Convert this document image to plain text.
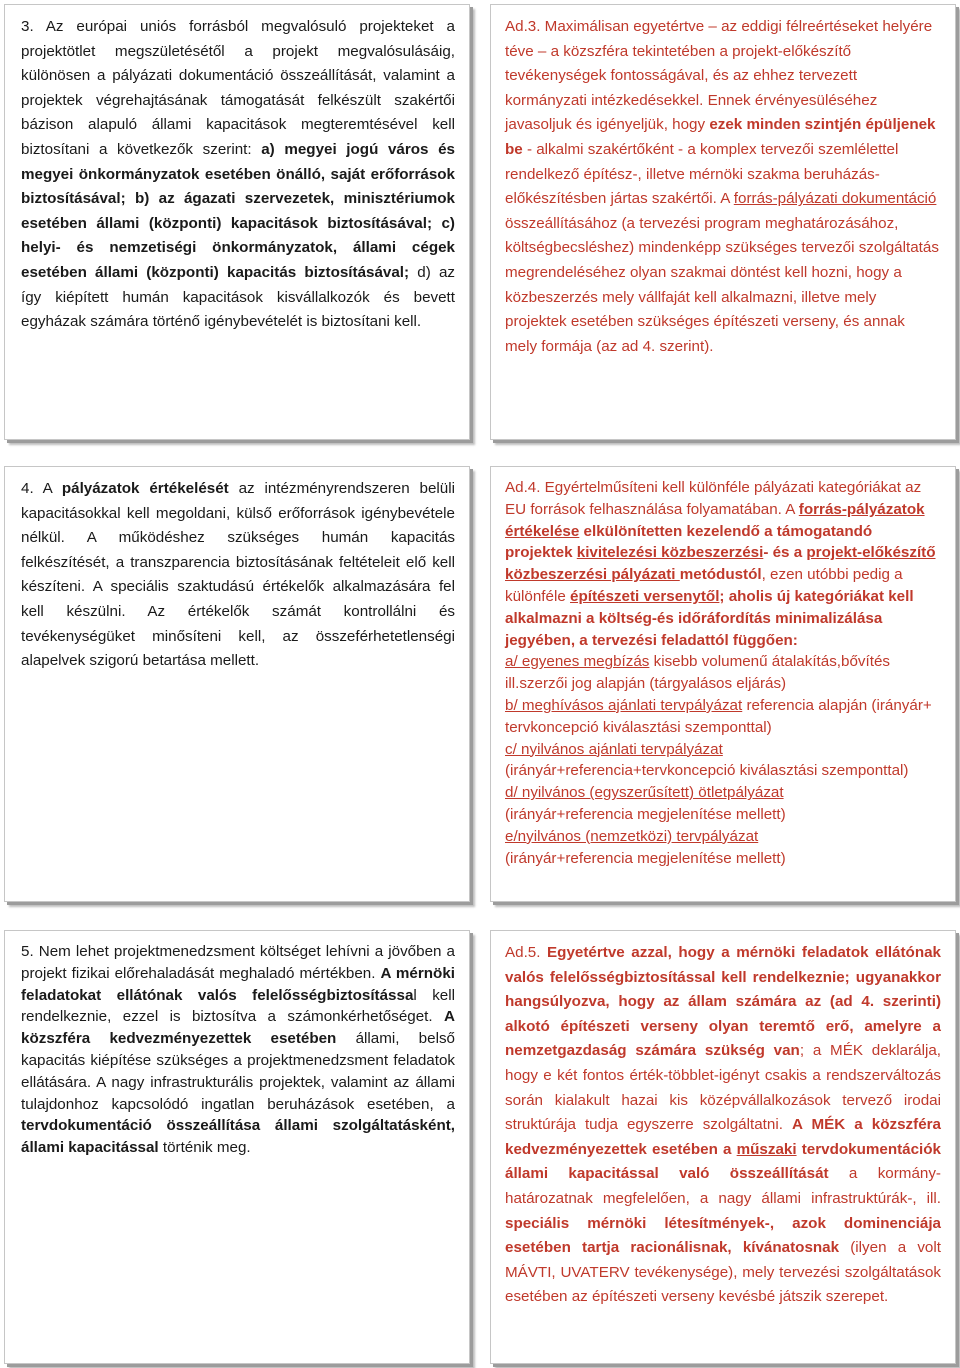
3. Az európai uniós forrásból megvalósuló projekteket a projektötlet megszületésétől a projekt megvalósulásáig, különösen a pályázati dokumentáció összeállítását, valamint a projektek végrehajtásának támogatását felkészült szakértői bázison alapuló állami kapacitások megteremtésével kell biztosítani a következők szerint: a) megyei jogú város és megyei önkormányzatok esetében önálló, saját erőforrások biztosításával; b) az ágazati szervezetek, minisztériumok esetében állami (központi) kapacitások biztosításával; c) helyi- és nemzetiségi önkormányzatok, állami cégek esetében állami (központi) kapacitás biztosításával; d) az így kiépített humán kapacitások kisvállalkozók és bevett egyházak számára történő igénybevételét is biztosítani kell.

Ad.3. Maximálisan egyetértve – az eddigi félreértéseket helyére téve – a közszféra tekintetében a projekt-előkészítő tevékenységek fontosságával, és az ehhez tervezett kormányzati intézkedésekkel. Ennek érvényesüléséhez javasoljuk és igényeljük, hogy ezek minden szintjén épüljenek be - alkalmi szakértőként - a komplex tervezői szemlélettel rendelkező építész-, illetve mérnöki szakma beruházás-előkészítésben jártas szakértői. A forrás-pályázati dokumentáció összeállításához (a tervezési program meghatározásához, költségbecsléshez) mindenképp szükséges tervezői szolgáltatás megrendeléséhez olyan szakmai döntést kell hozni, hogy a közbeszerzés mely vállfaját kell alkalmazni, illetve mely projektek esetében szükséges építészeti verseny, és annak mely formája (az ad 4. szerint).

4. A pályázatok értékelését az intézményrendszeren belüli kapacitásokkal kell megoldani, külső erőforrások igénybevétele nélkül. A működéshez szükséges humán kapacitás felkészítését, a transzparencia biztosításának feltételeit elő kell készíteni. A speciális szaktudású értékelők alkalmazására fel kell készülni. Az értékelők számát kontrollálni és tevékenységüket minősíteni kell, az összeférhetetlenségi alapelvek szigorú betartása mellett.

Ad.4. Egyértelműsíteni kell különféle pályázati kategóriákat az EU források felhasználása folyamatában. A forrás-pályázatok értékelése elkülönítetten kezelendő a támogatandó projektek kivitelezési közbeszerzési- és a projekt-előkészítő közbeszerzési pályázati metódustól, ezen utóbbi pedig a különféle építészeti versenytől; aholis új kategóriákat kell alkalmazni a költség-és időráfordítás minimalizálása jegyében, a tervezési feladattól függően:

a/ egyenes megbízás kisebb volumenű átalakítás,bővítés ill.szerzői jog alapján (tárgyalásos eljárás)

b/ meghívásos ajánlati tervpályázat referencia alapján (irányár+ tervkoncepció kiválasztási szemponttal)

c/ nyilvános ajánlati tervpályázat
(irányár+referencia+tervkoncepció kiválasztási szemponttal)

d/ nyilvános (egyszerűsített) ötletpályázat
(irányár+referencia megjelenítése mellett)

e/nyilvános (nemzetközi) tervpályázat
(irányár+referencia megjelenítése mellett)

5. Nem lehet projektmenedzsment költséget lehívni a jövőben a projekt fizikai előrehaladását meghaladó mértékben. A mérnöki feladatokat ellátónak valós felelősségbiztosítással kell rendelkeznie, ezzel is biztosítva a számonkérhetőséget. A közszféra kedvezményezettek esetében állami, belső kapacitás kiépítése szükséges a projektmenedzsment feladatok ellátására. A nagy infrastrukturális projektek, valamint az állami tulajdonhoz kapcsolódó ingatlan beruházások esetében, a tervdokumentáció összeállítása állami szolgáltatásként, állami kapacitással történik meg.

Ad.5. Egyetértve azzal, hogy a mérnöki feladatok ellátónak valós felelősségbiztosítással kell rendelkeznie; ugyanakkor hangsúlyozva, hogy az állam számára az (ad 4. szerinti) alkotó építészeti verseny olyan teremtő erő, amelyre a nemzetgazdaság számára szükség van; a MÉK deklarálja, hogy e két fontos érték-többlet-igényt csakis a rendszerváltozás során kialakult hazai kis középvállalkozások tervező irodai struktúrája tudja egyszerre szolgáltatni. A MÉK a közszféra kedvezményezettek esetében a műszaki tervdokumentációk állami kapacitással való összeállítását a kormány-határozatnak megfelelően, a nagy állami infrastruktúrák-, ill. speciális mérnöki létesítmények-, azok dominenciája esetében tartja racionálisnak, kívánatosnak (ilyen a volt MÁVTI, UVATERV tevékenysége), mely tervezési szolgáltatások esetében az építészeti verseny kevésbé játszik szerepet.
